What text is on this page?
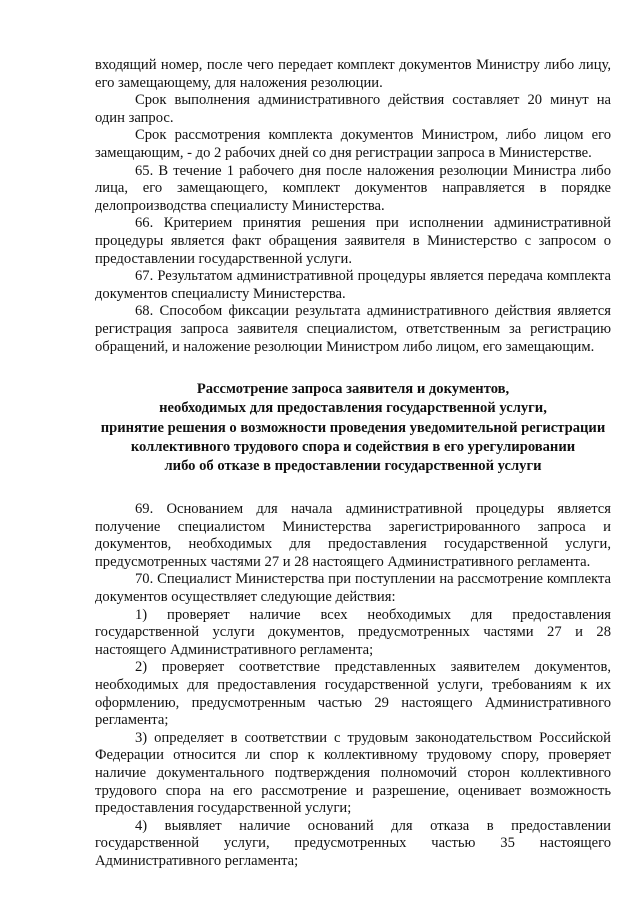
входящий номер, после чего передает комплект документов Министру либо лицу, его замещающему, для наложения резолюции.

Срок выполнения административного действия составляет 20 минут на один запрос.

Срок рассмотрения комплекта документов Министром, либо лицом его замещающим, - до 2 рабочих дней со дня регистрации запроса в Министерстве.

65. В течение 1 рабочего дня после наложения резолюции Министра либо лица, его замещающего, комплект документов направляется в порядке делопроизводства специалисту Министерства.

66. Критерием принятия решения при исполнении административной процедуры является факт обращения заявителя в Министерство с запросом о предоставлении государственной услуги.

67. Результатом административной процедуры является передача комплекта документов специалисту Министерства.

68. Способом фиксации результата административного действия является регистрация запроса заявителя специалистом, ответственным за регистрацию обращений, и наложение резолюции Министром либо лицом, его замещающим.

Рассмотрение запроса заявителя и документов,
необходимых для предоставления государственной услуги,
принятие решения о возможности проведения уведомительной регистрации
коллективного трудового спора и содействия в его урегулировании
либо об отказе в предоставлении государственной услуги

69. Основанием для начала административной процедуры является получение специалистом Министерства зарегистрированного запроса и документов, необходимых для предоставления государственной услуги, предусмотренных частями 27 и 28 настоящего Административного регламента.

70. Специалист Министерства при поступлении на рассмотрение комплекта документов осуществляет следующие действия:

1) проверяет наличие всех необходимых для предоставления государственной услуги документов, предусмотренных частями 27 и 28 настоящего Административного регламента;

2) проверяет соответствие представленных заявителем документов, необходимых для предоставления государственной услуги, требованиям к их оформлению, предусмотренным частью 29 настоящего Административного регламента;

3) определяет в соответствии с трудовым законодательством Российской Федерации относится ли спор к коллективному трудовому спору, проверяет наличие документального подтверждения полномочий сторон коллективного трудового спора на его рассмотрение и разрешение, оценивает возможность предоставления государственной услуги;

4) выявляет наличие оснований для отказа в предоставлении государственной услуги, предусмотренных частью 35 настоящего Административного регламента;
